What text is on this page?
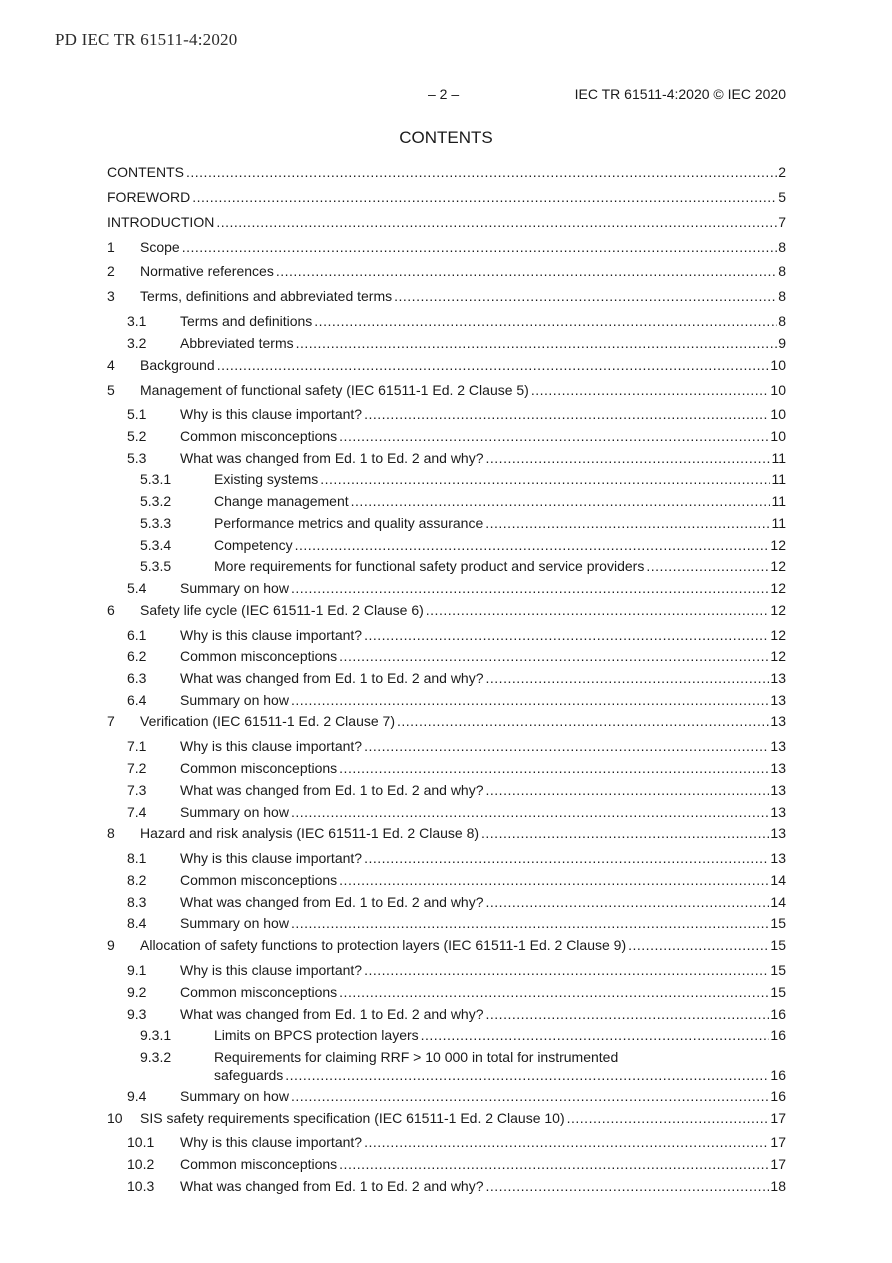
PD IEC TR 61511-4:2020
– 2 –	IEC TR 61511-4:2020 © IEC 2020
CONTENTS
CONTENTS .....	2
FOREWORD .....	5
INTRODUCTION .....	7
1 Scope .....	8
2 Normative references .....	8
3 Terms, definitions and abbreviated terms .....	8
3.1 Terms and definitions .....	8
3.2 Abbreviated terms .....	9
4 Background .....	10
5 Management of functional safety (IEC 61511-1 Ed. 2 Clause 5) .....	10
5.1 Why is this clause important? .....	10
5.2 Common misconceptions .....	10
5.3 What was changed from Ed. 1 to Ed. 2 and why? .....	11
5.3.1	Existing systems .....	11
5.3.2	Change management .....	11
5.3.3	Performance metrics and quality assurance .....	11
5.3.4	Competency .....	12
5.3.5	More requirements for functional safety product and service providers .....	12
5.4 Summary on how .....	12
6 Safety life cycle (IEC 61511-1 Ed. 2 Clause 6) .....	12
6.1 Why is this clause important? .....	12
6.2 Common misconceptions .....	12
6.3 What was changed from Ed. 1 to Ed. 2 and why? .....	13
6.4 Summary on how .....	13
7 Verification (IEC 61511-1 Ed. 2 Clause 7) .....	13
7.1 Why is this clause important? .....	13
7.2 Common misconceptions .....	13
7.3 What was changed from Ed. 1 to Ed. 2 and why? .....	13
7.4 Summary on how .....	13
8 Hazard and risk analysis (IEC 61511-1 Ed. 2 Clause 8) .....	13
8.1 Why is this clause important? .....	13
8.2 Common misconceptions .....	14
8.3 What was changed from Ed. 1 to Ed. 2 and why? .....	14
8.4 Summary on how .....	15
9 Allocation of safety functions to protection layers (IEC 61511-1 Ed. 2 Clause 9) .....	15
9.1 Why is this clause important? .....	15
9.2 Common misconceptions .....	15
9.3 What was changed from Ed. 1 to Ed. 2 and why? .....	16
9.3.1	Limits on BPCS protection layers .....	16
9.3.2	Requirements for claiming RRF > 10 000 in total for instrumented
safeguards .....	16
9.4 Summary on how .....	16
10 SIS safety requirements specification (IEC 61511-1 Ed. 2 Clause 10) .....	17
10.1 Why is this clause important? .....	17
10.2 Common misconceptions .....	17
10.3 What was changed from Ed. 1 to Ed. 2 and why? .....	18
